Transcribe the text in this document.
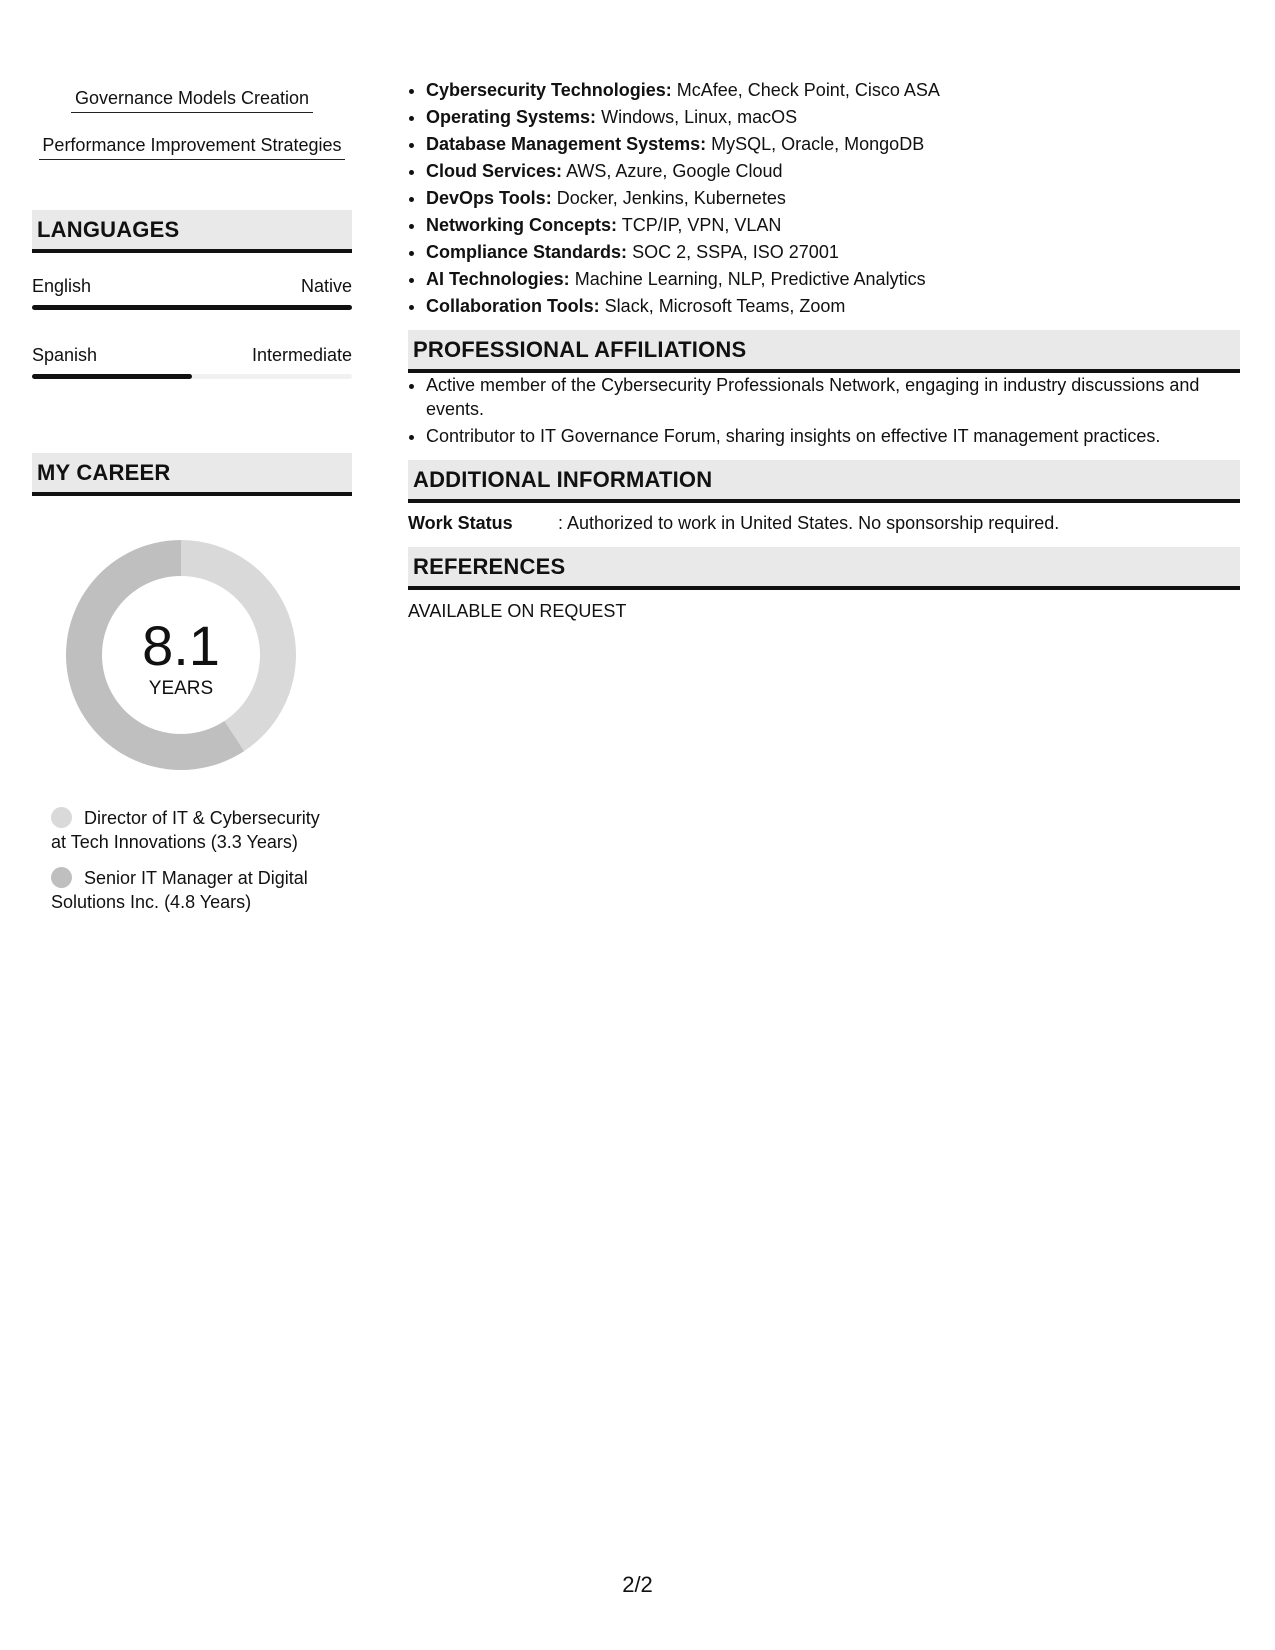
Governance Models Creation
Performance Improvement Strategies
LANGUAGES
English	Native
Spanish	Intermediate
MY CAREER
8.1
YEARS
Director of IT & Cybersecurity at Tech Innovations (3.3 Years)
Senior IT Manager at Digital Solutions Inc. (4.8 Years)
• Cybersecurity Technologies: McAfee, Check Point, Cisco ASA
• Operating Systems: Windows, Linux, macOS
• Database Management Systems: MySQL, Oracle, MongoDB
• Cloud Services: AWS, Azure, Google Cloud
• DevOps Tools: Docker, Jenkins, Kubernetes
• Networking Concepts: TCP/IP, VPN, VLAN
• Compliance Standards: SOC 2, SSPA, ISO 27001
• AI Technologies: Machine Learning, NLP, Predictive Analytics
• Collaboration Tools: Slack, Microsoft Teams, Zoom
PROFESSIONAL AFFILIATIONS
• Active member of the Cybersecurity Professionals Network, engaging in industry discussions and events.
• Contributor to IT Governance Forum, sharing insights on effective IT management practices.
ADDITIONAL INFORMATION
Work Status	: Authorized to work in United States. No sponsorship required.
REFERENCES
AVAILABLE ON REQUEST
2/2
